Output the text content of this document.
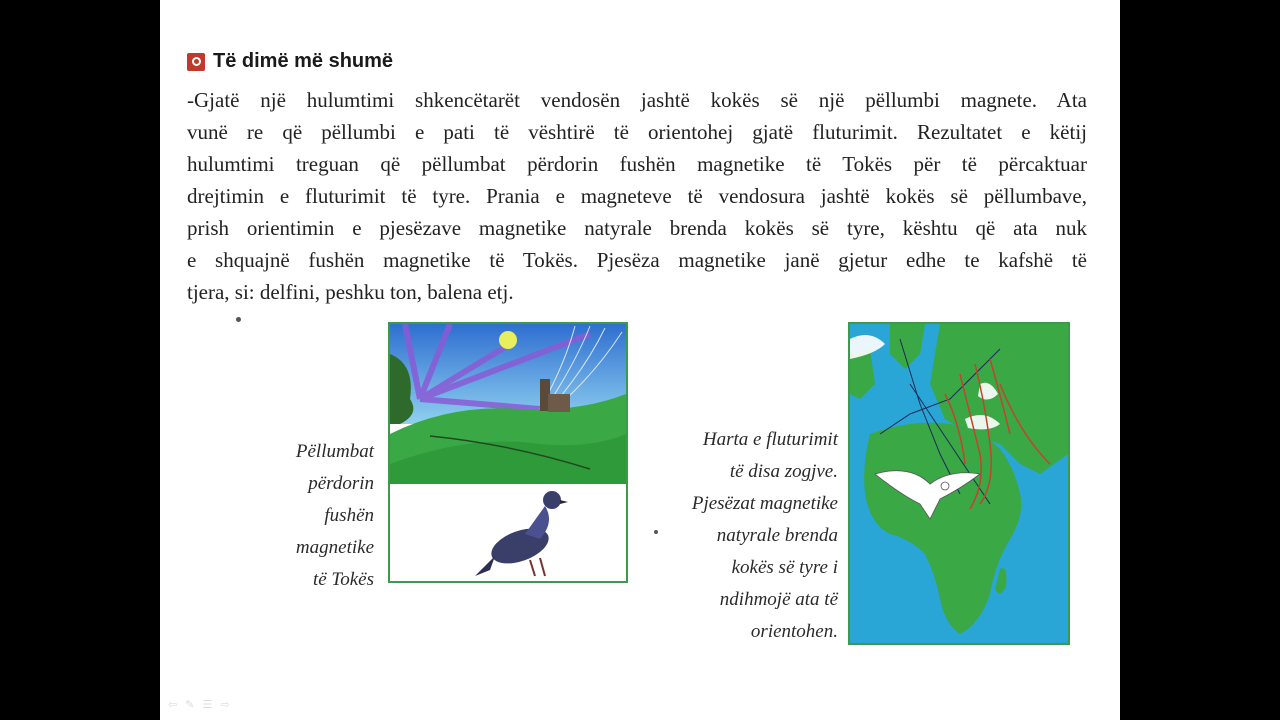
Të dimë më shumë
-Gjatë një hulumtimi shkencëtarët vendosën jashtë kokës së një pëllumbi magnete. Ata
vunë re që pëllumbi e pati të vështirë të orientohej gjatë fluturimit. Rezultatet e këtij
hulumtimi treguan që pëllumbat përdorin fushën magnetike të Tokës për të përcaktuar
drejtimin e fluturimit të tyre. Prania e magneteve të vendosura jashtë kokës së pëllumbave,
prish orientimin e pjesëzave magnetike natyrale brenda kokës së tyre, kështu që ata nuk
e shquajnë fushën magnetike të Tokës. Pjesëza magnetike janë gjetur edhe te kafshë të
tjera, si: delfini, peshku ton, balena etj.
Pëllumbat
përdorin
fushën
magnetike
të Tokës
Harta e fluturimit
të disa zogjve.
Pjesëzat magnetike
natyrale brenda
kokës së tyre i
ndihmojë ata të
orientohen.
⇦ ✎ ☰ ⇨
